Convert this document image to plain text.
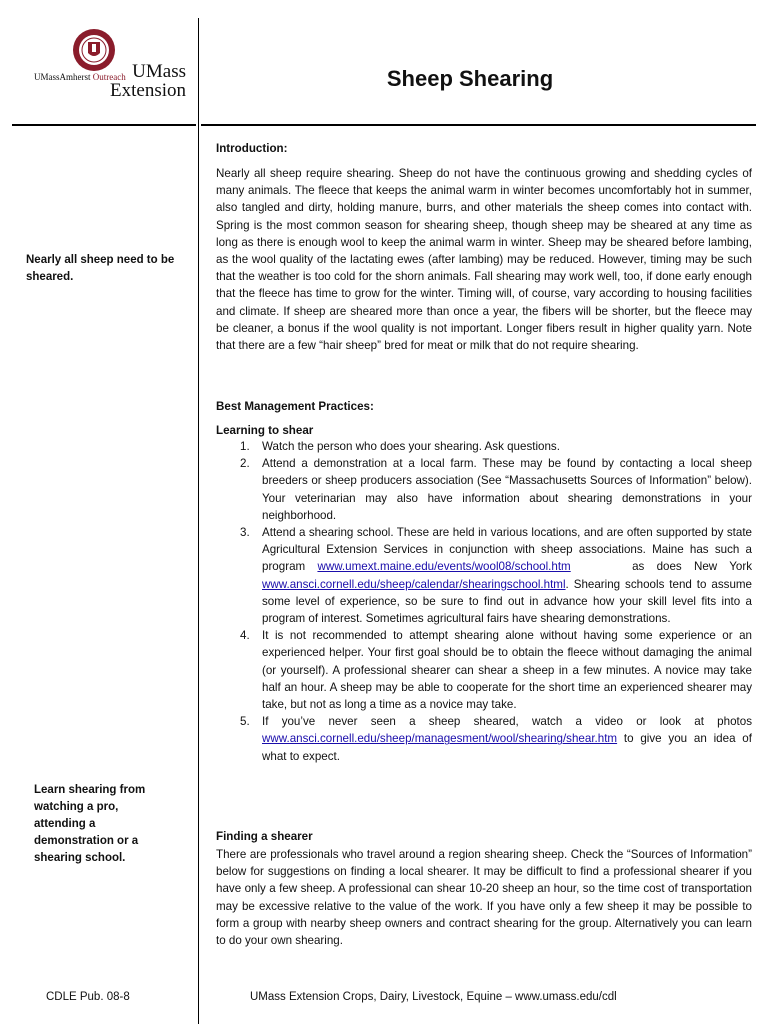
UMassAmherst Outreach UMass
Extension	Sheep Shearing
Nearly all sheep need to be sheared.
Learn shearing from watching a pro, attending a demonstration or a shearing school.
Introduction:

Nearly all sheep require shearing. Sheep do not have the continuous growing and shedding cycles of many animals. The fleece that keeps the animal warm in winter becomes uncomfortably hot in summer, also tangled and dirty, holding manure, burrs, and other materials the sheep comes into contact with. Spring is the most common season for shearing sheep, though sheep may be sheared at any time as long as there is enough wool to keep the animal warm in winter. Sheep may be sheared before lambing, as the wool quality of the lactating ewes (after lambing) may be reduced. However, timing may be such that the weather is too cold for the shorn animals. Fall shearing may work well, too, if done early enough that the fleece has time to grow for the winter. Timing will, of course, vary according to housing facilities and climate. If sheep are sheared more than once a year, the fibers will be shorter, but the fleece may be cleaner, a bonus if the wool quality is not important. Longer fibers result in higher quality yarn. Note that there are a few “hair sheep” bred for meat or milk that do not require shearing.

Best Management Practices:
Learning to shear
1. Watch the person who does your shearing. Ask questions.
2. Attend a demonstration at a local farm. These may be found by contacting a local sheep breeders or sheep producers association (See “Massachusetts Sources of Information” below). Your veterinarian may also have information about shearing demonstrations in your neighborhood.
3. Attend a shearing school. These are held in various locations, and are often supported by state Agricultural Extension Services in conjunction with sheep associations. Maine has such a program www.umext.maine.edu/events/wool08/school.htm	as does New York www.ansci.cornell.edu/sheep/calendar/shearingschool.html. Shearing schools tend to assume some level of experience, so be sure to find out in advance how your skill level fits into a program of interest. Sometimes agricultural fairs have shearing demonstrations.
4. It is not recommended to attempt shearing alone without having some experience or an experienced helper. Your first goal should be to obtain the fleece without damaging the animal (or yourself). A professional shearer can shear a sheep in a few minutes. A novice may take half an hour. A sheep may be able to cooperate for the short time an experienced shearer may take, but not as long a time as a novice may take.
5. If you’ve never seen a sheep sheared, watch a video or look at photos www.ansci.cornell.edu/sheep/managesment/wool/shearing/shear.htm to give you an idea of what to expect.
Finding a shearer

There are professionals who travel around a region shearing sheep. Check the “Sources of Information” below for suggestions on finding a local shearer. It may be difficult to find a professional shearer if you have only a few sheep. A professional can shear 10-20 sheep an hour, so the time cost of transportation may be excessive relative to the value of the work. If you have only a few sheep it may be possible to form a group with nearby sheep owners and contract shearing for the group. Alternatively you can learn to do your own shearing.

CDLE Pub. 08-8	UMass Extension Crops, Dairy, Livestock, Equine – www.umass.edu/cdl
